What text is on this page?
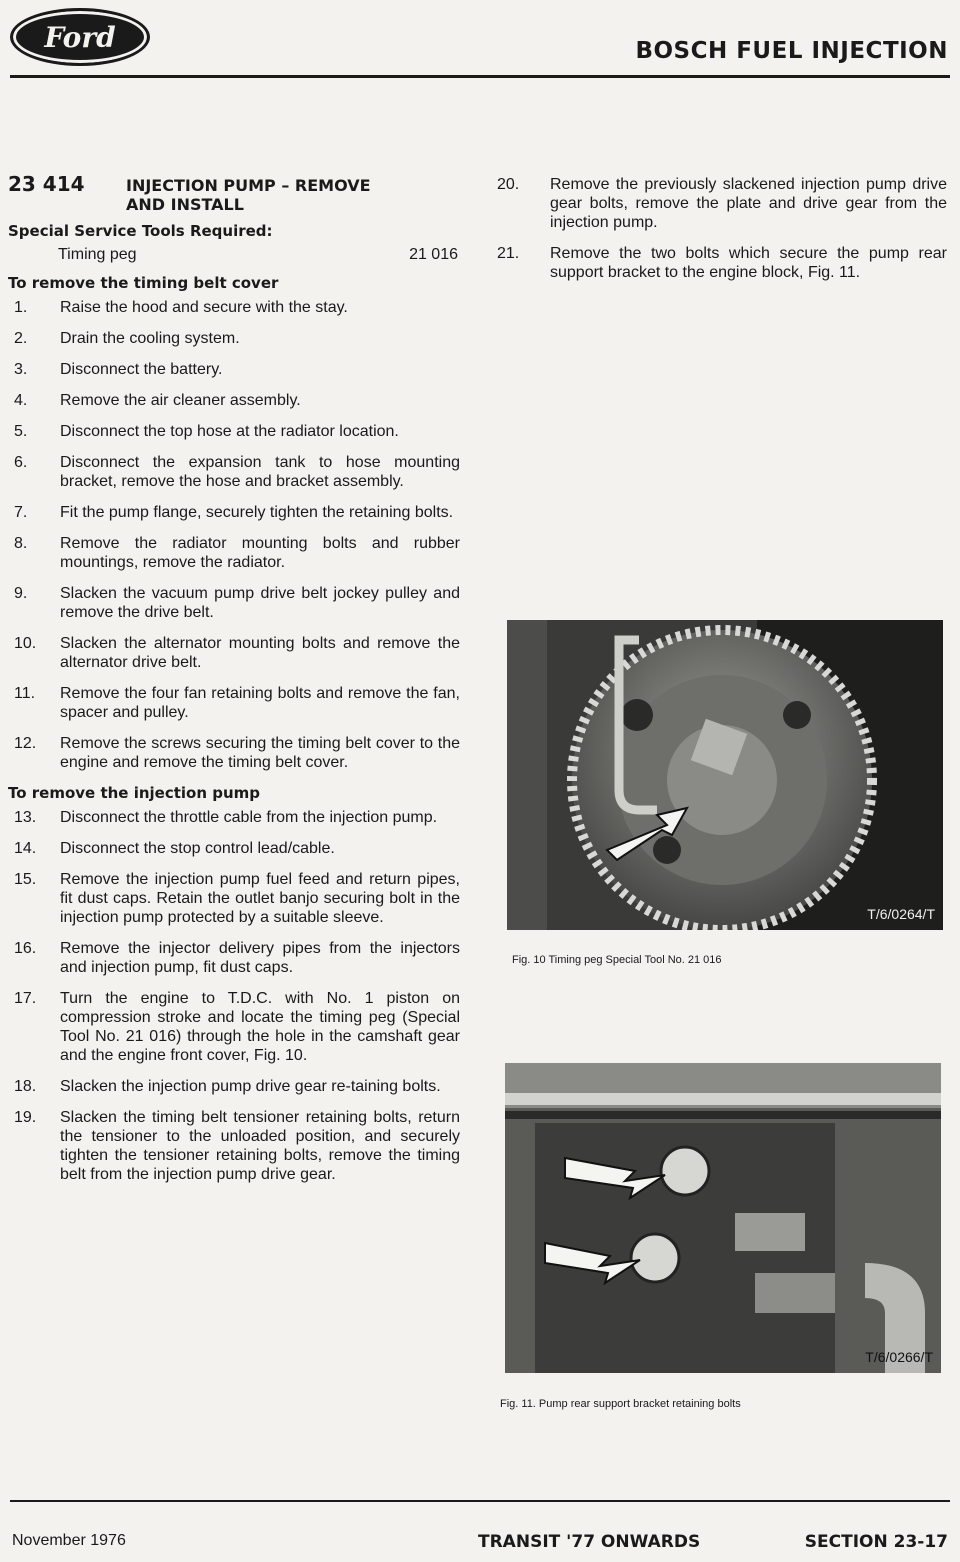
Ford	BOSCH FUEL INJECTION
23 414	INJECTION PUMP – REMOVE
AND INSTALL
Special Service Tools Required:
Timing peg	21 016
To remove the timing belt cover
1.	Raise the hood and secure with the stay.
2.	Drain the cooling system.
3.	Disconnect the battery.
4.	Remove the air cleaner assembly.
5.	Disconnect the top hose at the radiator location.
6.	Disconnect the expansion tank to hose mounting bracket, remove the hose and bracket assembly.
7.	Fit the pump flange, securely tighten the retaining bolts.
8.	Remove the radiator mounting bolts and rubber mountings, remove the radiator.
9.	Slacken the vacuum pump drive belt jockey pulley and remove the drive belt.
10.	Slacken the alternator mounting bolts and remove the alternator drive belt.
11.	Remove the four fan retaining bolts and remove the fan, spacer and pulley.
12.	Remove the screws securing the timing belt cover to the engine and remove the timing belt cover.
To remove the injection pump
13.	Disconnect the throttle cable from the injection pump.
14.	Disconnect the stop control lead/cable.
15.	Remove the injection pump fuel feed and return pipes, fit dust caps. Retain the outlet banjo securing bolt in the injection pump protected by a suitable sleeve.
16.	Remove the injector delivery pipes from the injectors and injection pump, fit dust caps.
17.	Turn the engine to T.D.C. with No. 1 piston on compression stroke and locate the timing peg (Special Tool No. 21 016) through the hole in the camshaft gear and the engine front cover, Fig. 10.
18.	Slacken the injection pump drive gear re-taining bolts.
19.	Slacken the timing belt tensioner retaining bolts, return the tensioner to the unloaded position, and securely tighten the tensioner retaining bolts, remove the timing belt from the injection pump drive gear.
20.	Remove the previously slackened injection pump drive gear bolts, remove the plate and drive gear from the injection pump.
21.	Remove the two bolts which secure the pump rear support bracket to the engine block, Fig. 11.
T/6/0264/T
Fig. 10 Timing peg Special Tool No. 21 016
T/6/0266/T
Fig. 11. Pump rear support bracket retaining bolts
November 1976	TRANSIT '77 ONWARDS	SECTION 23-17
